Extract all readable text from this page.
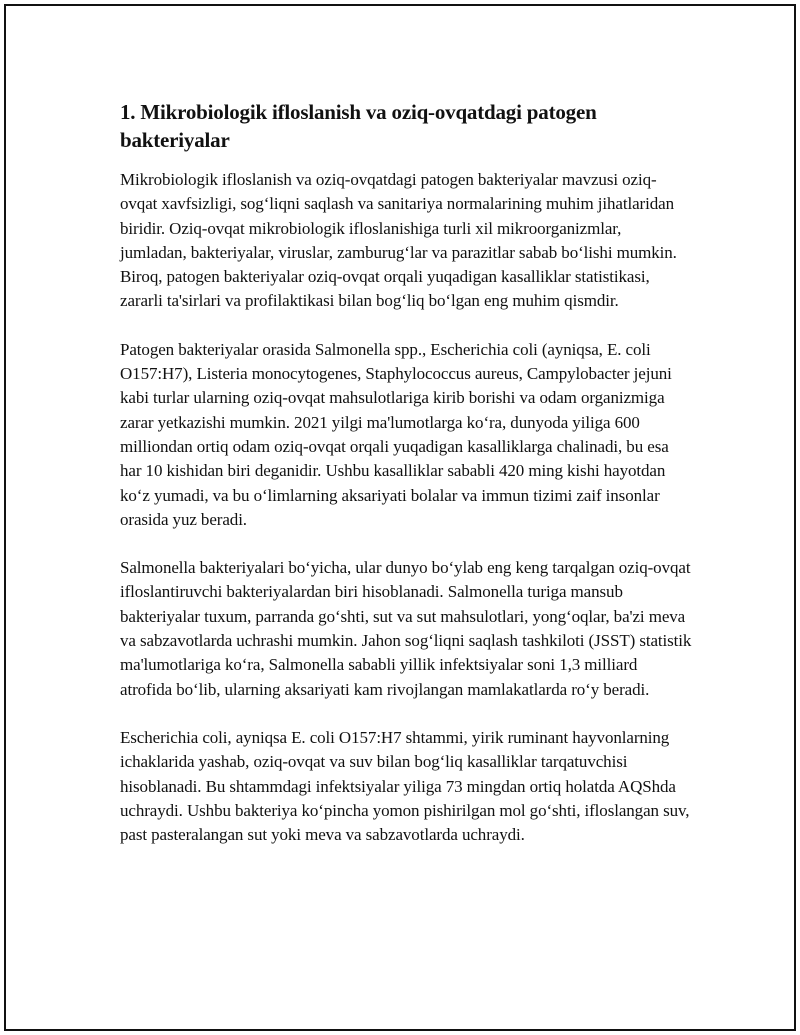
1. Mikrobiologik ifloslanish va oziq-ovqatdagi patogen bakteriyalar

Mikrobiologik ifloslanish va oziq-ovqatdagi patogen bakteriyalar mavzusi oziq-ovqat xavfsizligi, sog‘liqni saqlash va sanitariya normalarining muhim jihatlaridan biridir. Oziq-ovqat mikrobiologik ifloslanishiga turli xil mikroorganizmlar, jumladan, bakteriyalar, viruslar, zamburug‘lar va parazitlar sabab bo‘lishi mumkin. Biroq, patogen bakteriyalar oziq-ovqat orqali yuqadigan kasalliklar statistikasi, zararli ta'sirlari va profilaktikasi bilan bog‘liq bo‘lgan eng muhim qismdir.

Patogen bakteriyalar orasida Salmonella spp., Escherichia coli (ayniqsa, E. coli O157:H7), Listeria monocytogenes, Staphylococcus aureus, Campylobacter jejuni kabi turlar ularning oziq-ovqat mahsulotlariga kirib borishi va odam organizmiga zarar yetkazishi mumkin. 2021 yilgi ma'lumotlarga ko‘ra, dunyoda yiliga 600 milliondan ortiq odam oziq-ovqat orqali yuqadigan kasalliklarga chalinadi, bu esa har 10 kishidan biri deganidir. Ushbu kasalliklar sababli 420 ming kishi hayotdan ko‘z yumadi, va bu o‘limlarning aksariyati bolalar va immun tizimi zaif insonlar orasida yuz beradi.

Salmonella bakteriyalari bo‘yicha, ular dunyo bo‘ylab eng keng tarqalgan oziq-ovqat ifloslantiruvchi bakteriyalardan biri hisoblanadi. Salmonella turiga mansub bakteriyalar tuxum, parranda go‘shti, sut va sut mahsulotlari, yong‘oqlar, ba'zi meva va sabzavotlarda uchrashi mumkin. Jahon sog‘liqni saqlash tashkiloti (JSST) statistik ma'lumotlariga ko‘ra, Salmonella sababli yillik infektsiyalar soni 1,3 milliard atrofida bo‘lib, ularning aksariyati kam rivojlangan mamlakatlarda ro‘y beradi.

Escherichia coli, ayniqsa E. coli O157:H7 shtammi, yirik ruminant hayvonlarning ichaklarida yashab, oziq-ovqat va suv bilan bog‘liq kasalliklar tarqatuvchisi hisoblanadi. Bu shtammdagi infektsiyalar yiliga 73 mingdan ortiq holatda AQShda uchraydi. Ushbu bakteriya ko‘pincha yomon pishirilgan mol go‘shti, ifloslangan suv, past pasteralangan sut yoki meva va sabzavotlarda uchraydi.
